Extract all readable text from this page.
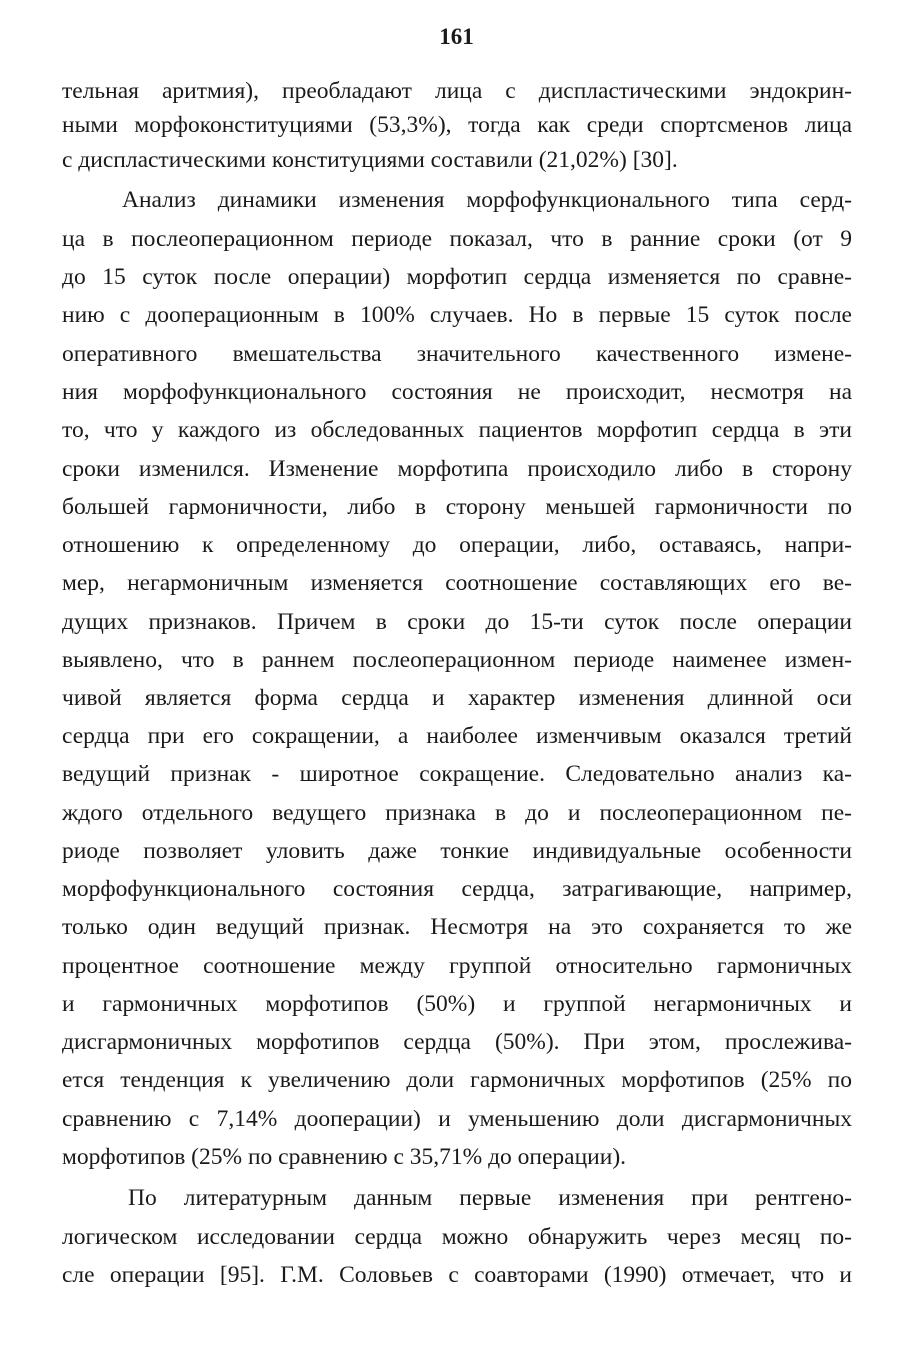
161
тельная аритмия), преобладают лица с диспластическими эндокрин-
ными морфоконституциями (53,3%), тогда как среди спортсменов лица
с диспластическими конституциями составили (21,02%) [30].
Анализ динамики изменения морфофункционального типа серд-
ца в послеоперационном периоде показал, что в ранние сроки (от 9
до 15 суток после операции) морфотип сердца изменяется по сравне-
нию с дооперационным в 100% случаев. Но в первые 15 суток после
оперативного вмешательства значительного качественного измене-
ния морфофункционального состояния не происходит, несмотря на
то, что у каждого из обследованных пациентов морфотип сердца в эти
сроки изменился. Изменение морфотипа происходило либо в сторону
большей гармоничности, либо в сторону меньшей гармоничности по
отношению к определенному до операции, либо, оставаясь, напри-
мер, негармоничным изменяется соотношение составляющих его ве-
дущих признаков. Причем в сроки до 15-ти суток после операции
выявлено, что в раннем послеоперационном периоде наименее измен-
чивой является форма сердца и характер изменения длинной оси
сердца при его сокращении, а наиболее изменчивым оказался третий
ведущий признак - широтное сокращение. Следовательно анализ ка-
ждого отдельного ведущего признака в до и послеоперационном пе-
риоде позволяет уловить даже тонкие индивидуальные особенности
морфофункционального состояния сердца, затрагивающие, например,
только один ведущий признак. Несмотря на это сохраняется то же
процентное соотношение между группой относительно гармоничных
и гармоничных морфотипов (50%) и группой негармоничных и
дисгармоничных морфотипов сердца (50%). При этом, прослежива-
ется тенденция к увеличению доли гармоничных морфотипов (25% по
сравнению с 7,14% дооперации) и уменьшению доли дисгармоничных
морфотипов (25% по сравнению с 35,71% до операции).
По литературным данным первые изменения при рентгено-
логическом исследовании сердца можно обнаружить через месяц по-
сле операции [95]. Г.М. Соловьев с соавторами (1990) отмечает, что и
